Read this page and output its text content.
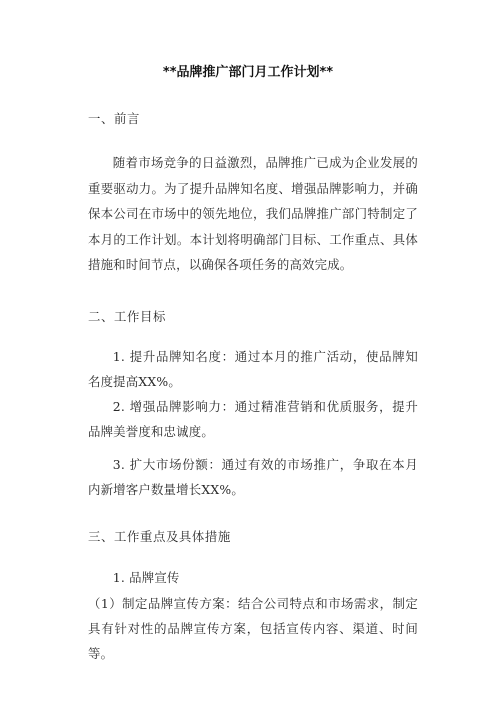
**品牌推广部门月工作计划**
一、前言
随着市场竞争的日益激烈，品牌推广已成为企业发展的重要驱动力。为了提升品牌知名度、增强品牌影响力，并确保本公司在市场中的领先地位，我们品牌推广部门特制定了本月的工作计划。本计划将明确部门目标、工作重点、具体措施和时间节点，以确保各项任务的高效完成。
二、工作目标
1. 提升品牌知名度：通过本月的推广活动，使品牌知名度提高XX%。
2. 增强品牌影响力：通过精准营销和优质服务，提升品牌美誉度和忠诚度。
3. 扩大市场份额：通过有效的市场推广，争取在本月内新增客户数量增长XX%。
三、工作重点及具体措施
1. 品牌宣传
（1）制定品牌宣传方案：结合公司特点和市场需求，制定具有针对性的品牌宣传方案，包括宣传内容、渠道、时间等。
